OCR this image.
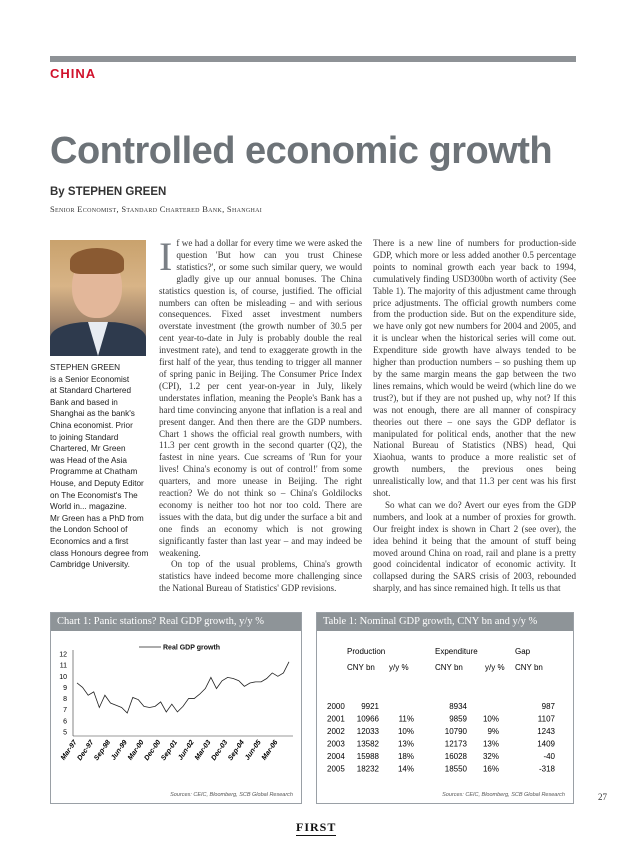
CHINA
Controlled economic growth
By STEPHEN GREEN
Senior Economist, Standard Chartered Bank, Shanghai

STEPHEN GREEN

is a Senior Economist

at Standard Chartered

Bank and based in

Shanghai as the bank's

China economist. Prior

to joining Standard

Chartered, Mr Green

was Head of the Asia

Programme at Chatham

House, and Deputy Editor

on The Economist's The

World in... magazine.

Mr Green has a PhD from

the London School of

Economics and a first

class Honours degree from

Cambridge University.

I f we had a dollar for every time we were asked the question 'But how can you trust Chinese statistics?', or some such similar query, we would gladly give up our annual bonuses. The China statistics question is, of course, justified. The official numbers can often be misleading – and with serious consequences. Fixed asset investment numbers overstate investment (the growth number of 30.5 per cent year-to-date in July is probably double the real investment rate), and tend to exaggerate growth in the first half of the year, thus tending to trigger all manner of spring panic in Beijing. The Consumer Price Index (CPI), 1.2 per cent year-on-year in July, likely understates inflation, meaning the People's Bank has a hard time convincing anyone that inflation is a real and present danger. And then there are the GDP numbers. Chart 1 shows the official real growth numbers, with 11.3 per cent growth in the second quarter (Q2), the fastest in nine years. Cue screams of 'Run for your lives! China's economy is out of control!' from some quarters, and more unease in Beijing. The right reaction? We do not think so – China's Goldilocks economy is neither too hot nor too cold. There are issues with the data, but dig under the surface a bit and one finds an economy which is not growing significantly faster than last year – and may indeed be weakening.

On top of the usual problems, China's growth statistics have indeed become more challenging since the National Bureau of Statistics' GDP revisions.

There is a new line of numbers for production-side GDP, which more or less added another 0.5 percentage points to nominal growth each year back to 1994, cumulatively finding USD300bn worth of activity (See Table 1). The majority of this adjustment came through price adjustments. The official growth numbers come from the production side. But on the expenditure side, we have only got new numbers for 2004 and 2005, and it is unclear when the historical series will come out. Expenditure side growth have always tended to be higher than production numbers – so pushing them up by the same margin means the gap between the two lines remains, which would be weird (which line do we trust?), but if they are not pushed up, why not? If this was not enough, there are all manner of conspiracy theories out there – one says the GDP deflator is manipulated for political ends, another that the new National Bureau of Statistics (NBS) head, Qui Xiaohua, wants to produce a more realistic set of growth numbers, the previous ones being unrealistically low, and that 11.3 per cent was his first shot.

So what can we do? Avert our eyes from the GDP numbers, and look at a number of proxies for growth. Our freight index is shown in Chart 2 (see over), the idea behind it being that the amount of stuff being moved around China on road, rail and plane is a pretty good coincidental indicator of economic activity. It collapsed during the SARS crisis of 2003, rebounded sharply, and has since remained high. It tells us that

Chart 1: Panic stations? Real GDP growth, y/y %
5
6
7
8
9
10
11
12
Mar-97
Dec-97
Sep-98
Jun-99
Mar-00
Dec-00
Sep-01
Jun-02
Mar-03
Dec-03
Sep-04
Jun-05
Mar-06
Real GDP growth
Sources: CEIC, Bloomberg, SCB Global Research
Table 1: Nominal GDP growth, CNY bn and y/y %
Production	Expenditure	Gap
CNY bn y/y %	CNY bn	y/y % CNY bn
2000 9921	8934	987
2001 10966 11%	9859 10%	1107
2002 12033 10%	10790	9%	1243
2003 13582 13%	12173 13%	1409
2004 15988 18%	16028 32%	-40
2005 18232 14%	18550 16%	-318
Sources: CEIC, Bloomberg, SCB Global Research	27
FIRST
